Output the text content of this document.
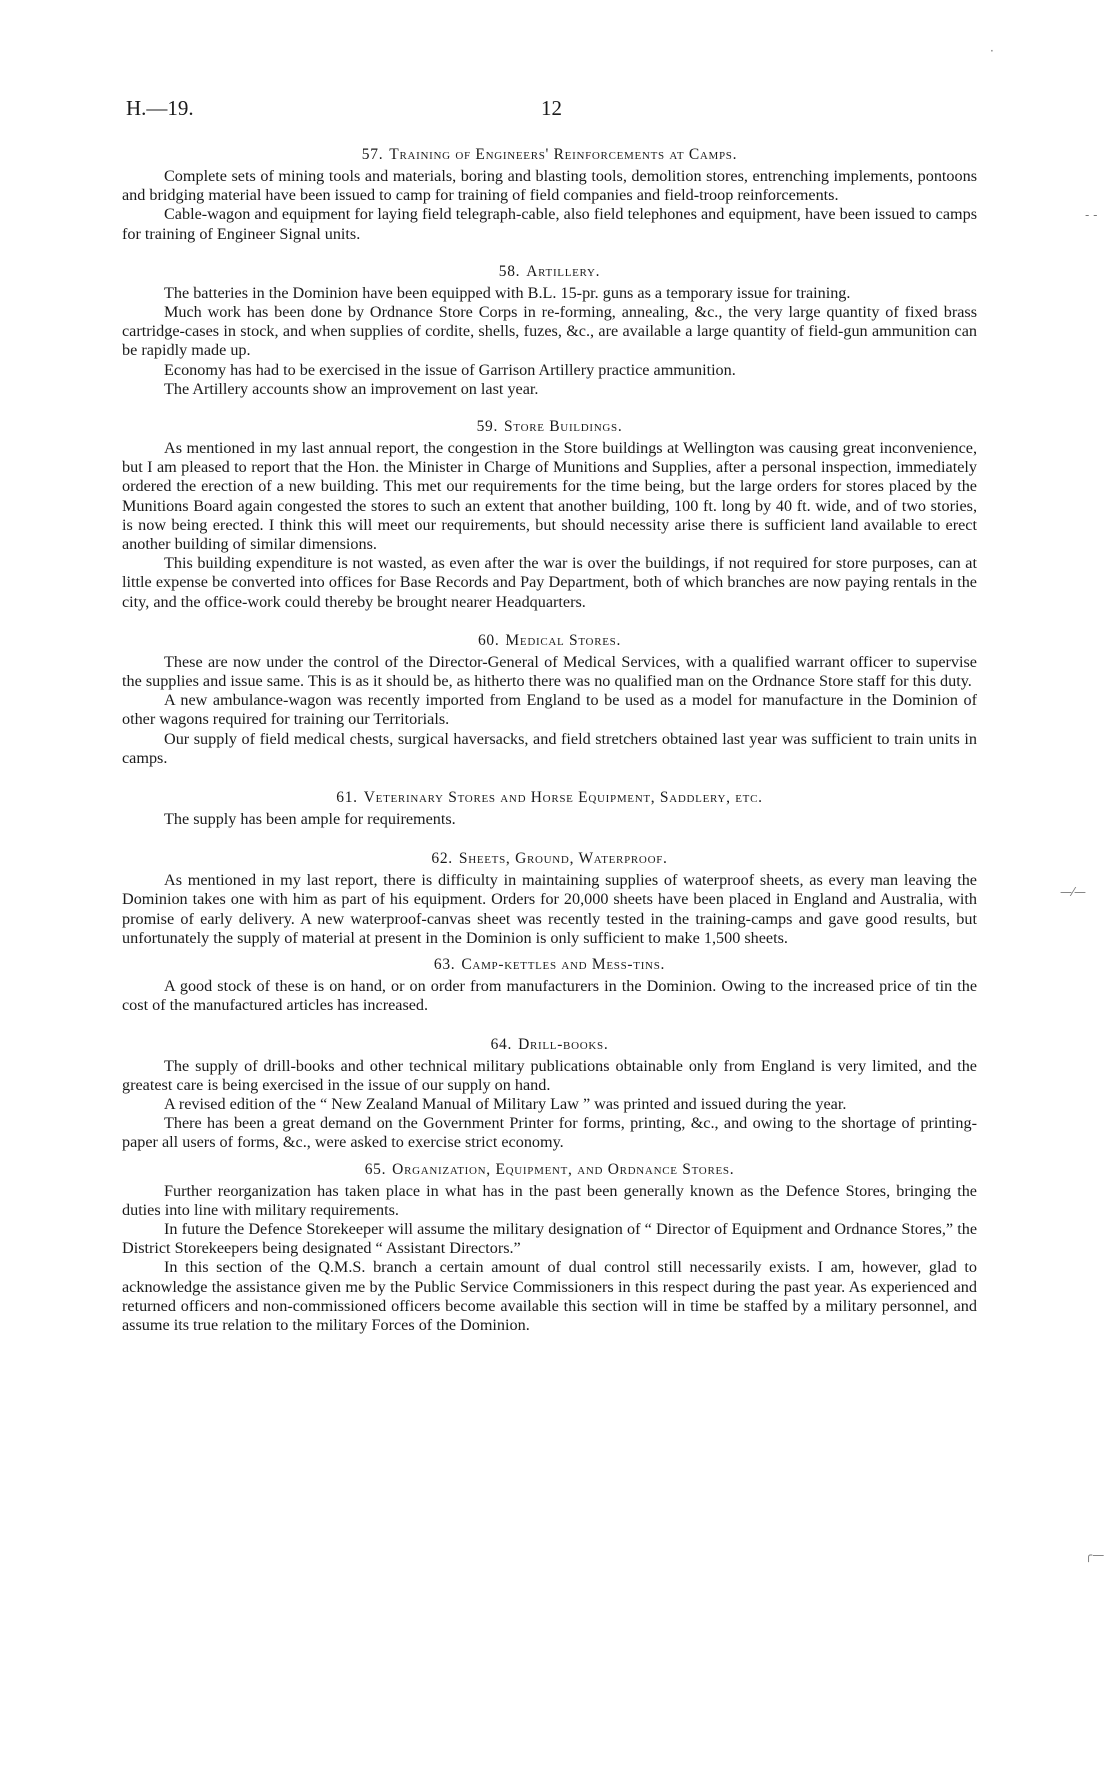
H.—19.	12
57. Training of Engineers' Reinforcements at Camps.

Complete sets of mining tools and materials, boring and blasting tools, demolition stores, entrenching implements, pontoons and bridging material have been issued to camp for training of field companies and field-troop reinforcements.

Cable-wagon and equipment for laying field telegraph-cable, also field telephones and equipment, have been issued to camps for training of Engineer Signal units.

58. Artillery.

The batteries in the Dominion have been equipped with B.L. 15-pr. guns as a temporary issue for training.

Much work has been done by Ordnance Store Corps in re-forming, annealing, &c., the very large quantity of fixed brass cartridge-cases in stock, and when supplies of cordite, shells, fuzes, &c., are available a large quantity of field-gun ammunition can be rapidly made up.

Economy has had to be exercised in the issue of Garrison Artillery practice ammunition.

The Artillery accounts show an improvement on last year.

59. Store Buildings.

As mentioned in my last annual report, the congestion in the Store buildings at Wellington was causing great inconvenience, but I am pleased to report that the Hon. the Minister in Charge of Munitions and Supplies, after a personal inspection, immediately ordered the erection of a new building. This met our requirements for the time being, but the large orders for stores placed by the Munitions Board again congested the stores to such an extent that another building, 100 ft. long by 40 ft. wide, and of two stories, is now being erected. I think this will meet our requirements, but should necessity arise there is sufficient land available to erect another building of similar dimensions.

This building expenditure is not wasted, as even after the war is over the buildings, if not required for store purposes, can at little expense be converted into offices for Base Records and Pay Department, both of which branches are now paying rentals in the city, and the office-work could thereby be brought nearer Headquarters.

60. Medical Stores.

These are now under the control of the Director-General of Medical Services, with a qualified warrant officer to supervise the supplies and issue same. This is as it should be, as hitherto there was no qualified man on the Ordnance Store staff for this duty.

A new ambulance-wagon was recently imported from England to be used as a model for manufacture in the Dominion of other wagons required for training our Territorials.

Our supply of field medical chests, surgical haversacks, and field stretchers obtained last year was sufficient to train units in camps.

61. Veterinary Stores and Horse Equipment, Saddlery, etc.

The supply has been ample for requirements.

62. Sheets, Ground, Waterproof.

As mentioned in my last report, there is difficulty in maintaining supplies of waterproof sheets, as every man leaving the Dominion takes one with him as part of his equipment. Orders for 20,000 sheets have been placed in England and Australia, with promise of early delivery. A new waterproof-canvas sheet was recently tested in the training-camps and gave good results, but unfortunately the supply of material at present in the Dominion is only sufficient to make 1,500 sheets.

63. Camp-kettles and Mess-tins.

A good stock of these is on hand, or on order from manufacturers in the Dominion. Owing to the increased price of tin the cost of the manufactured articles has increased.

64. Drill-books.

The supply of drill-books and other technical military publications obtainable only from England is very limited, and the greatest care is being exercised in the issue of our supply on hand.

A revised edition of the “ New Zealand Manual of Military Law ” was printed and issued during the year.

There has been a great demand on the Government Printer for forms, printing, &c., and owing to the shortage of printing-paper all users of forms, &c., were asked to exercise strict economy.

65. Organization, Equipment, and Ordnance Stores.

Further reorganization has taken place in what has in the past been generally known as the Defence Stores, bringing the duties into line with military requirements.

In future the Defence Storekeeper will assume the military designation of “ Director of Equipment and Ordnance Stores,” the District Storekeepers being designated “ Assistant Directors.”

In this section of the Q.M.S. branch a certain amount of dual control still necessarily exists. I am, however, glad to acknowledge the assistance given me by the Public Service Commissioners in this respect during the past year. As experienced and returned officers and non-commissioned officers become available this section will in time be staffed by a military personnel, and assume its true relation to the military Forces of the Dominion.

·
- -
—⁄—
╭—
